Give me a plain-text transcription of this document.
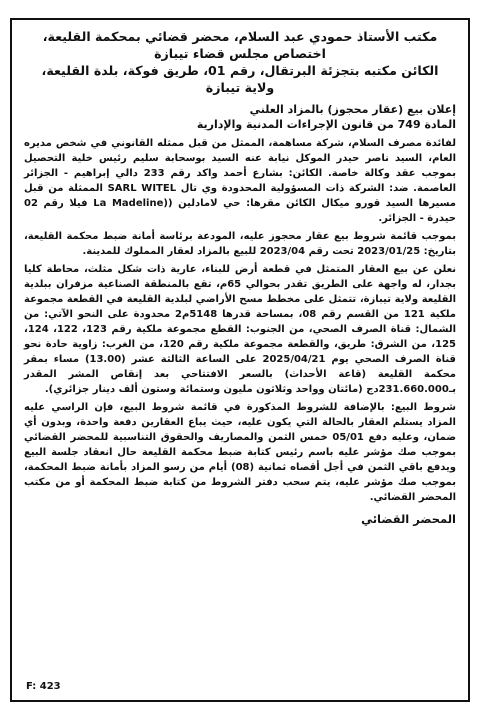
مكتب الأستاذ حمودي عبد السلام، محضر قضائي بمحكمة القليعة،
اختصاص مجلس قضاء تيبازة
الكائن مكتبه بتجزئة البرتقال، رقم 01، طريق فوكة، بلدة القليعة،
ولاية تيبازة
إعلان بيع (عقار محجوز) بالمزاد العلني
المادة 749 من قانون الإجراءات المدنية والإدارية

لفائدة مصرف السلام، شركة مساهمة، الممثل من قبل ممثله القانوني في شخص مديره العام، السيد ناصر حيدر الموكل نيابة عنه السيد بوسحابة سليم رئيس خلية التحصيل بموجب عقد وكالة خاصة. الكائن: بشارع أحمد واكد رقم 233 دالي إبراهيم - الجزائر العاصمة. ضد: الشركة ذات المسؤولية المحدودة وي تال SARL WITEL الممثلة من قبل مسيرها السيد قورو ميكال الكائن مقرها: حي لامادلين ((La Madeline فيلا رقم 02 حيدرة - الجزائر.

بموجب قائمة شروط بيع عقار محجوز عليه، المودعة برئاسة أمانة ضبط محكمة القليعة، بتاريخ: 2023/01/25 تحت رقم 2023/04 للبيع بالمزاد لعقار المملوك للمدينة.

نعلن عن بيع العقار المتمثل في قطعة أرض للبناء، عارية ذات شكل مثلث، محاطة كليا بجدار، له واجهة على الطريق تقدر بحوالي 65م، تقع بالمنطقة الصناعية مزفران ببلدية القليعة ولاية تيبازة، تتمثل على مخطط مسح الأراضي لبلدية القليعة في القطعة مجموعة ملكية 121 من القسم رقم 08، بمساحة قدرها 5148م2 محدودة على النحو الآتي: من الشمال: قناة الصرف الصحي، من الجنوب: القطع مجموعة ملكية رقم 123، 122، 124، 125، من الشرق: طريق، والقطعة مجموعة ملكية رقم 120، من الغرب: زاوية حادة نحو قناة الصرف الصحي يوم 2025/04/21 على الساعة الثالثة عشر (13.00) مساء بمقر محكمة القليعة (قاعة الأحداث) بالسعر الافتتاحي بعد إنقاص المشر المقدر بـ231.660.000دج (مائتان وواحد وثلاثون مليون وستمائة وستون ألف دينار جزائري).

شروط البيع: بالإضافة للشروط المذكورة في قائمة شروط البيع، فإن الراسي عليه المزاد يستلم العقار بالحالة التي يكون عليه، حيث يباع العقارين دفعة واحدة، وبدون أي ضمان، وعليه دفع 05/01 خمس الثمن والمصاريف والحقوق التناسبية للمحضر القضائي بموجب صك مؤشر عليه باسم رئيس كتابة ضبط محكمة القليعة حال انعقاد جلسة البيع ويدفع باقي الثمن في أجل أقصاه ثمانية (08) أيام من رسو المزاد بأمانة ضبط المحكمة، بموجب صك مؤشر عليه، يتم سحب دفتر الشروط من كتابة ضبط المحكمة أو من مكتب المحضر القضائي.

المحضر القضائي
F: 423
